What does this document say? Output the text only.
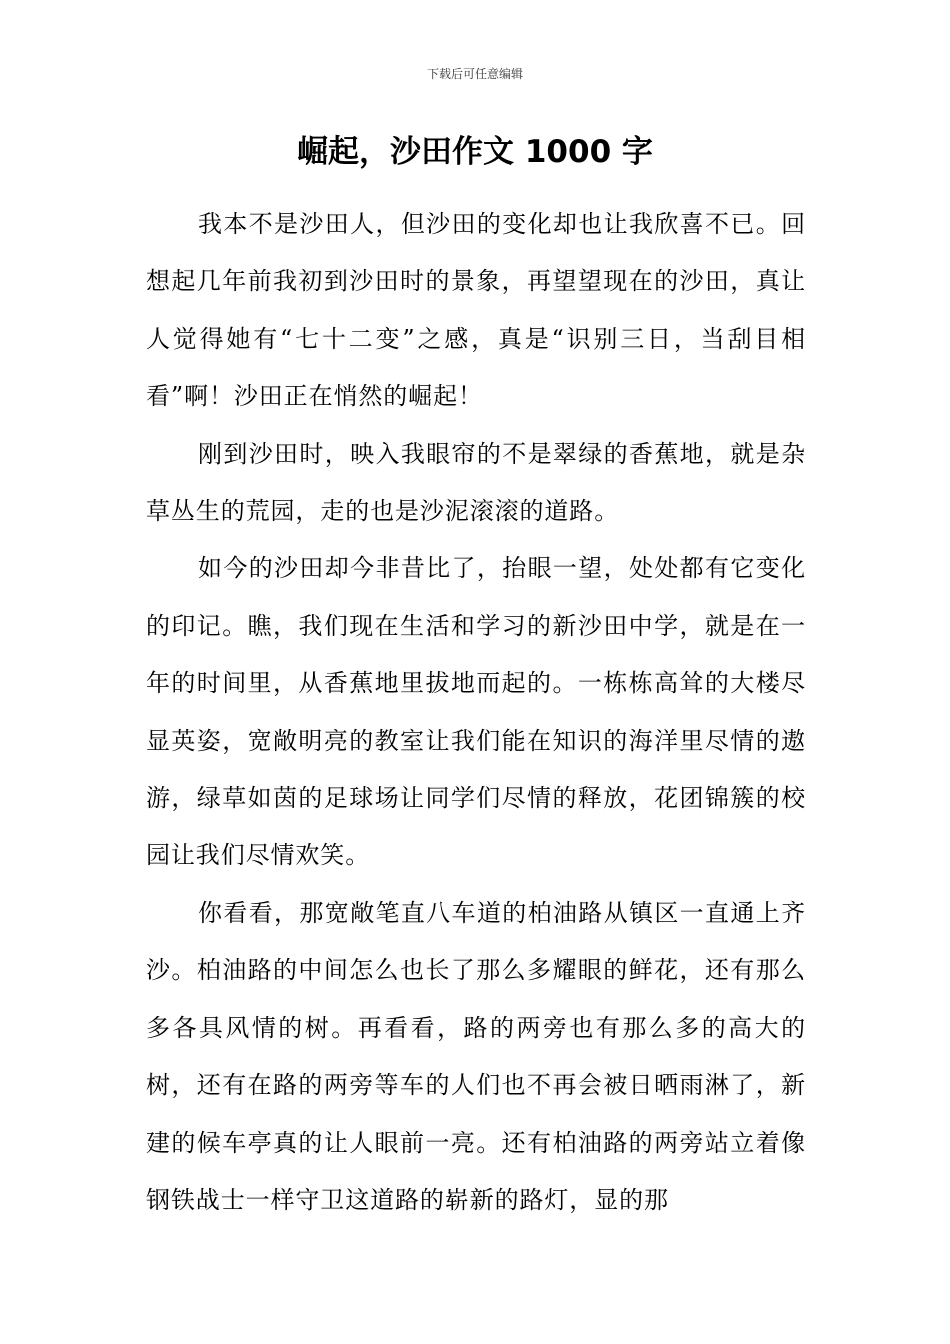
下载后可任意编辑
崛起，沙田作文 1000 字

我本不是沙田人，但沙田的变化却也让我欣喜不已。回想起几年前我初到沙田时的景象，再望望现在的沙田，真让人觉得她有“七十二变”之感，真是“识别三日，当刮目相看”啊！沙田正在悄然的崛起！

刚到沙田时，映入我眼帘的不是翠绿的香蕉地，就是杂草丛生的荒园，走的也是沙泥滚滚的道路。

如今的沙田却今非昔比了，抬眼一望，处处都有它变化的印记。瞧，我们现在生活和学习的新沙田中学，就是在一年的时间里，从香蕉地里拔地而起的。一栋栋高耸的大楼尽显英姿，宽敞明亮的教室让我们能在知识的海洋里尽情的遨游，绿草如茵的足球场让同学们尽情的释放，花团锦簇的校园让我们尽情欢笑。

你看看，那宽敞笔直八车道的柏油路从镇区一直通上齐沙。柏油路的中间怎么也长了那么多耀眼的鲜花，还有那么多各具风情的树。再看看，路的两旁也有那么多的高大的树，还有在路的两旁等车的人们也不再会被日晒雨淋了，新建的候车亭真的让人眼前一亮。还有柏油路的两旁站立着像钢铁战士一样守卫这道路的崭新的路灯，显的那
